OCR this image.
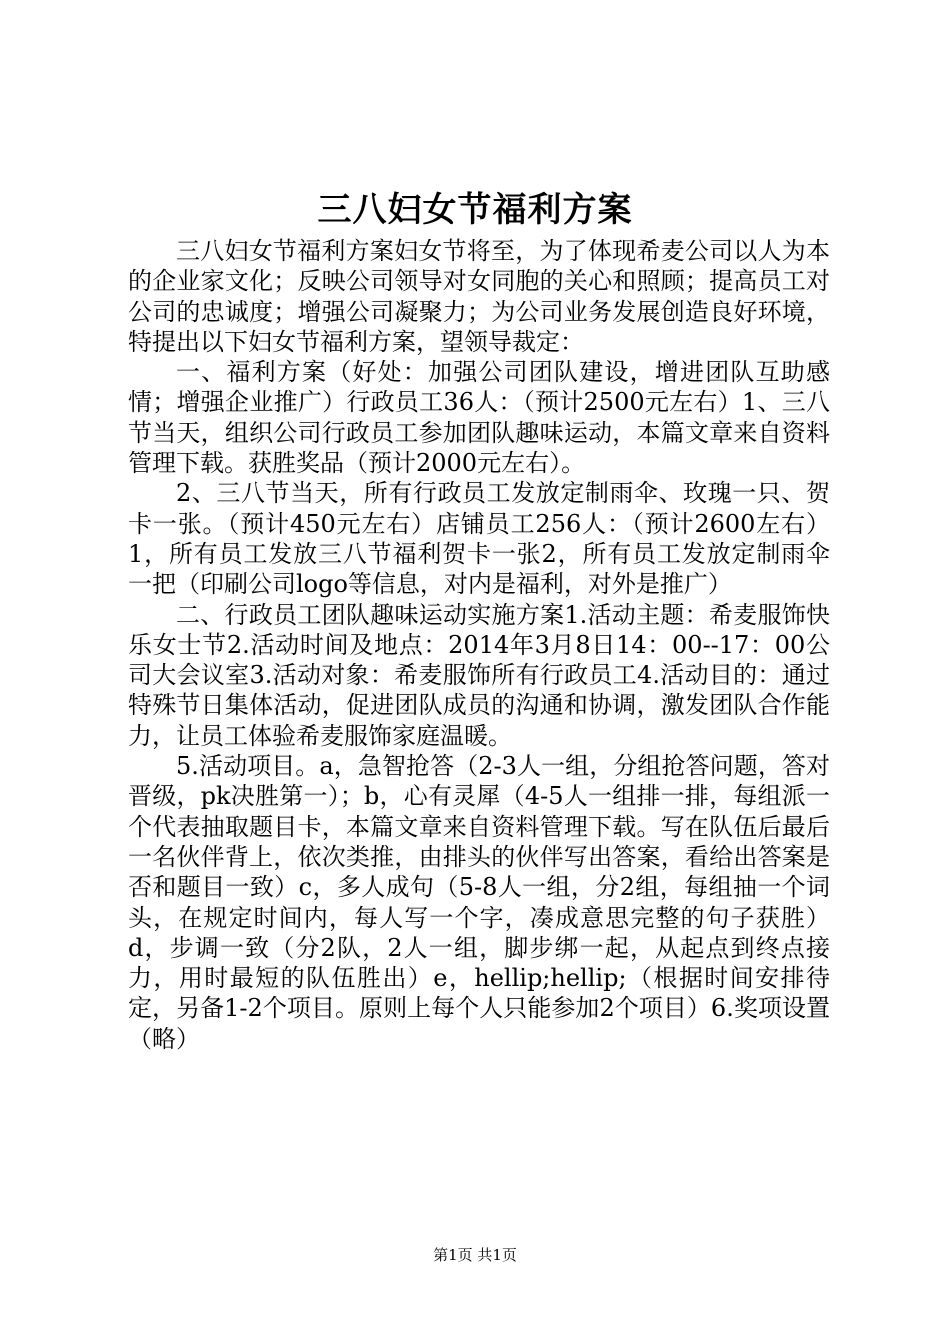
三八妇女节福利方案

三八妇女节福利方案妇女节将至，为了体现希麦公司以人为本的企业家文化；反映公司领导对女同胞的关心和照顾；提高员工对公司的忠诚度；增强公司凝聚力；为公司业务发展创造良好环境，特提出以下妇女节福利方案，望领导裁定：

一、福利方案（好处：加强公司团队建设，增进团队互助感情；增强企业推广）行政员工36人：（预计2500元左右）1、三八节当天，组织公司行政员工参加团队趣味运动，本篇文章来自资料管理下载。获胜奖品（预计2000元左右）。

2、三八节当天，所有行政员工发放定制雨伞、玫瑰一只、贺卡一张。（预计450元左右）店铺员工256人：（预计2600左右）1，所有员工发放三八节福利贺卡一张2，所有员工发放定制雨伞一把（印刷公司logo等信息，对内是福利，对外是推广）

二、行政员工团队趣味运动实施方案1.活动主题：希麦服饰快乐女士节2.活动时间及地点：2014年3月8日14：00--17：00公司大会议室3.活动对象：希麦服饰所有行政员工4.活动目的：通过特殊节日集体活动，促进团队成员的沟通和协调，激发团队合作能力，让员工体验希麦服饰家庭温暖。

5.活动项目。a，急智抢答（2-3人一组，分组抢答问题，答对晋级，pk决胜第一）；b，心有灵犀（4-5人一组排一排，每组派一个代表抽取题目卡，本篇文章来自资料管理下载。写在队伍后最后一名伙伴背上，依次类推，由排头的伙伴写出答案，看给出答案是否和题目一致）c，多人成句（5-8人一组，分2组，每组抽一个词头，在规定时间内，每人写一个字，凑成意思完整的句子获胜）d，步调一致（分2队，2人一组，脚步绑一起，从起点到终点接力，用时最短的队伍胜出）e，hellip;hellip;（根据时间安排待定，另备1-2个项目。原则上每个人只能参加2个项目）6.奖项设置（略）

第1页 共1页
